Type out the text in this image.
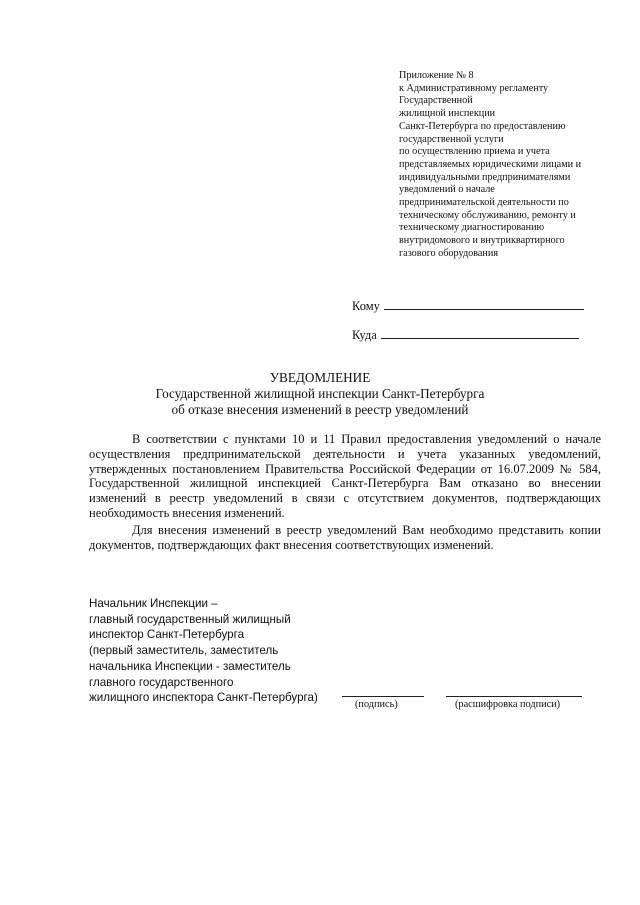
Приложение № 8
к Административному регламенту
Государственной
жилищной инспекции
Санкт-Петербурга по предоставлению
государственной услуги
по осуществлению приема и учета
представляемых юридическими лицами и
индивидуальными предпринимателями
уведомлений о начале
предпринимательской деятельности по
техническому обслуживанию, ремонту и
техническому диагностированию
внутридомового и внутриквартирного
газового оборудования
Кому
Куда
УВЕДОМЛЕНИЕ
Государственной жилищной инспекции Санкт-Петербурга
об отказе внесения изменений в реестр уведомлений

В соответствии с пунктами 10 и 11 Правил предоставления уведомлений о начале осуществления предпринимательской деятельности и учета указанных уведомлений, утвержденных постановлением Правительства Российской Федерации от 16.07.2009 № 584, Государственной жилищной инспекцией Санкт-Петербурга Вам отказано во внесении изменений в реестр уведомлений в связи с отсутствием документов, подтверждающих необходимость внесения изменений.

Для внесения изменений в реестр уведомлений Вам необходимо представить копии документов, подтверждающих факт внесения соответствующих изменений.

Начальник Инспекции –
главный государственный жилищный
инспектор Санкт-Петербурга
(первый заместитель, заместитель
начальника Инспекции - заместитель
главного государственного
жилищного инспектора Санкт-Петербурга)
(подпись)	(расшифровка подписи)
